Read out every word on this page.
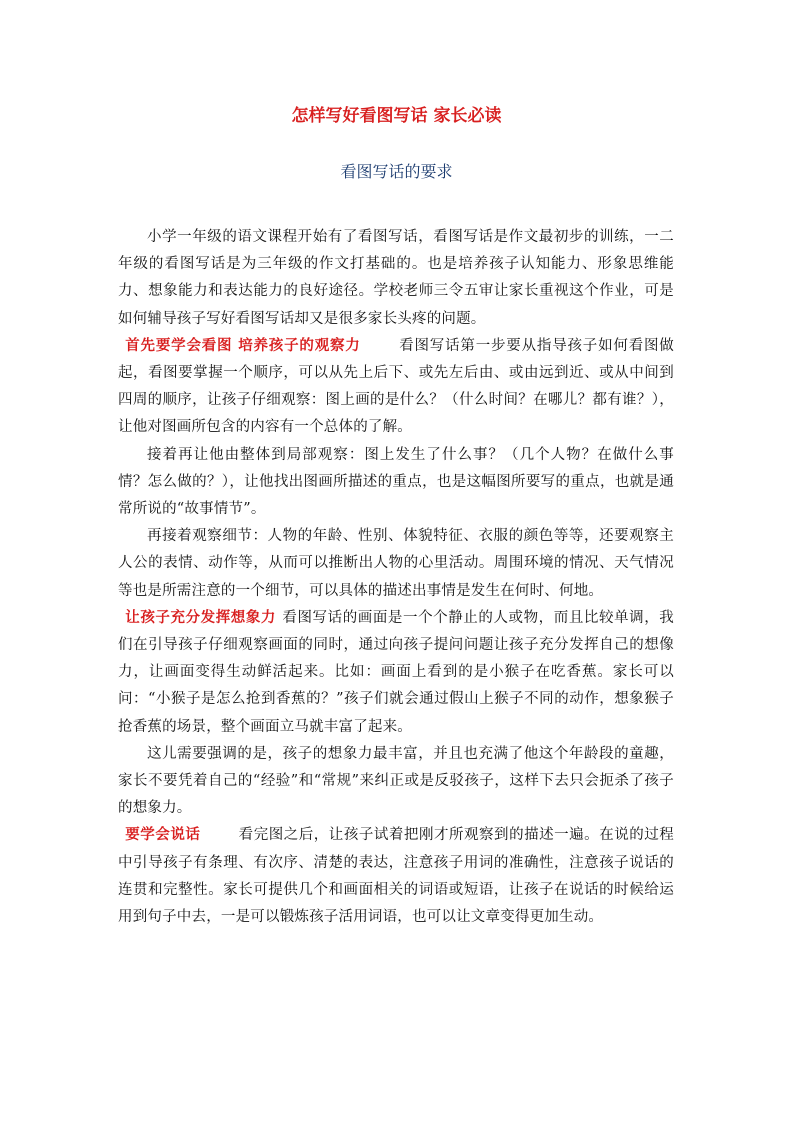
怎样写好看图写话 家长必读
看图写话的要求

小学一年级的语文课程开始有了看图写话，看图写话是作文最初步的训练，一二年级的看图写话是为三年级的作文打基础的。也是培养孩子认知能力、形象思维能力、想象能力和表达能力的良好途径。学校老师三令五审让家长重视这个作业，可是如何辅导孩子写好看图写话却又是很多家长头疼的问题。

首先要学会看图 培养孩子的观察力	看图写话第一步要从指导孩子如何看图做起，看图要掌握一个顺序，可以从先上后下、或先左后由、或由远到近、或从中间到四周的顺序，让孩子仔细观察：图上画的是什么？（什么时间？在哪儿？都有谁？），让他对图画所包含的内容有一个总体的了解。

接着再让他由整体到局部观察：图上发生了什么事？（几个人物？在做什么事情？怎么做的？），让他找出图画所描述的重点，也是这幅图所要写的重点，也就是通常所说的“故事情节”。

再接着观察细节：人物的年龄、性别、体貌特征、衣服的颜色等等，还要观察主人公的表情、动作等，从而可以推断出人物的心里活动。周围环境的情况、天气情况等也是所需注意的一个细节，可以具体的描述出事情是发生在何时、何地。

让孩子充分发挥想象力 看图写话的画面是一个个静止的人或物，而且比较单调，我们在引导孩子仔细观察画面的同时，通过向孩子提问问题让孩子充分发挥自己的想像力，让画面变得生动鲜活起来。比如：画面上看到的是小猴子在吃香蕉。家长可以问：“小猴子是怎么抢到香蕉的？”孩子们就会通过假山上猴子不同的动作，想象猴子抢香蕉的场景，整个画面立马就丰富了起来。

这儿需要强调的是，孩子的想象力最丰富，并且也充满了他这个年龄段的童趣，家长不要凭着自己的“经验”和“常规”来纠正或是反驳孩子，这样下去只会扼杀了孩子的想象力。

要学会说话	看完图之后，让孩子试着把刚才所观察到的描述一遍。在说的过程中引导孩子有条理、有次序、清楚的表达，注意孩子用词的准确性，注意孩子说话的连贯和完整性。家长可提供几个和画面相关的词语或短语，让孩子在说话的时候给运用到句子中去，一是可以锻炼孩子活用词语，也可以让文章变得更加生动。
